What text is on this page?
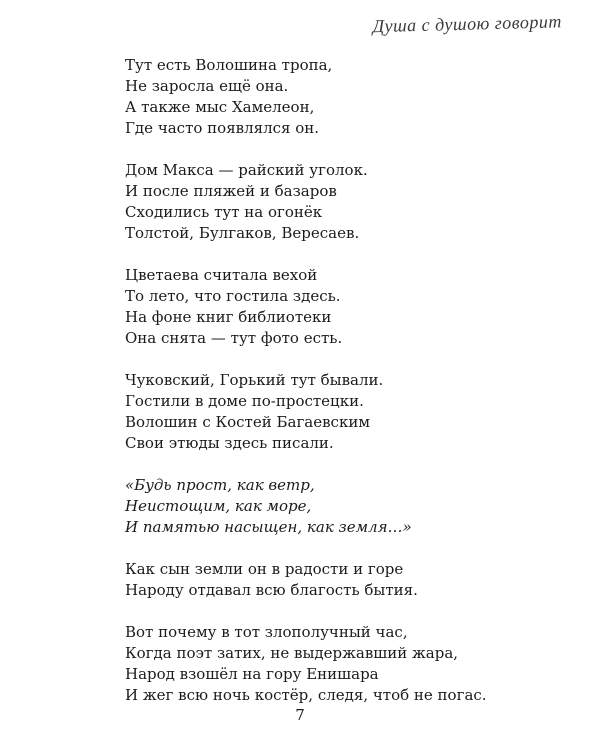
Душа с душою говорит
Тут есть Волошина тропа,
Не заросла ещё она.
А также мыс Хамелеон,
Где часто появлялся он.
Дом Макса — райский уголок.
И после пляжей и базаров
Сходились тут на огонёк
Толстой, Булгаков, Вересаев.
Цветаева считала вехой
То лето, что гостила здесь.
На фоне книг библиотеки
Она снята — тут фото есть.
Чуковский, Горький тут бывали.
Гостили в доме по-простецки.
Волошин с Костей Багаевским
Свои этюды здесь писали.
«Будь прост, как ветр,
Неистощим, как море,
И памятью насыщен, как земля…»
Как сын земли он в радости и горе
Народу отдавал всю благость бытия.
Вот почему в тот злополучный час,
Когда поэт затих, не выдержавший жара,
Народ взошёл на гору Енишара
И жег всю ночь костёр, следя, чтоб не погас.
7
